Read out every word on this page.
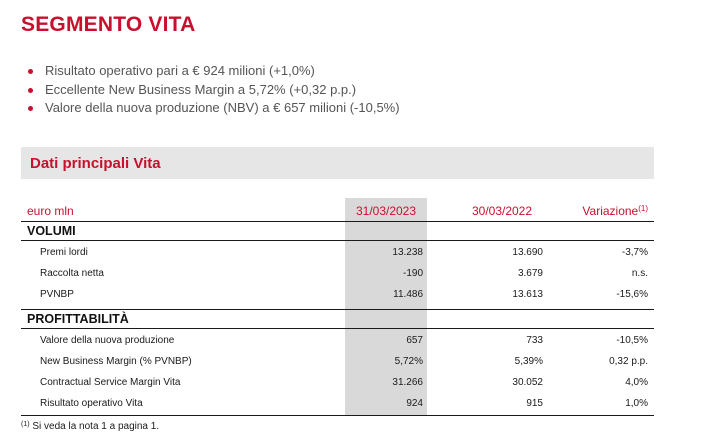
SEGMENTO VITA
Risultato operativo pari a € 924 milioni (+1,0%)
Eccellente New Business Margin a 5,72% (+0,32 p.p.)
Valore della nuova produzione (NBV) a € 657 milioni (-10,5%)
Dati principali Vita
euro mln	31/03/2023	30/03/2022	Variazione$^{(1)}$
VOLUMI
Premi lordi	13.238	13.690	-3,7%
Raccolta netta	-190	3.679	n.s.
PVNBP	11.486	13.613	-15,6%
PROFITTABILITÀ
Valore della nuova produzione	657	733	-10,5%
New Business Margin (% PVNBP)	5,72%	5,39%	0,32 p.p.
Contractual Service Margin Vita	31.266	30.052	4,0%
Risultato operativo Vita	924	915	1,0%
$^{(1)}$ Si veda la nota 1 a pagina 1.
